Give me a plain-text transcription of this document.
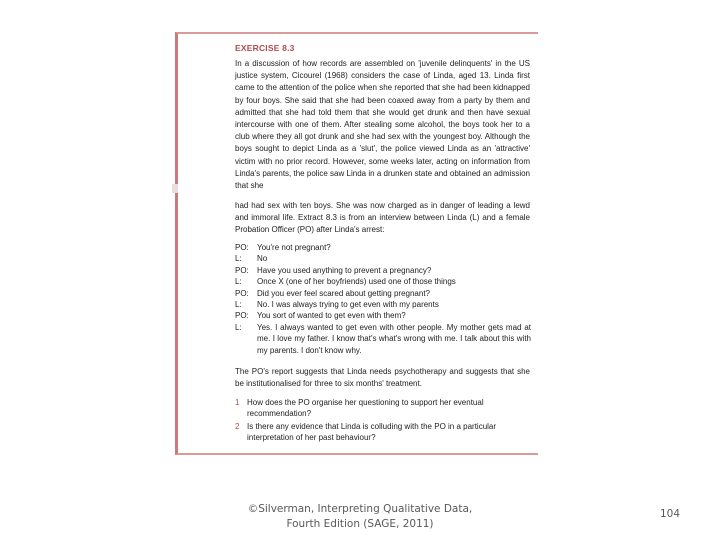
EXERCISE 8.3
In a discussion of how records are assembled on 'juvenile delinquents' in the US justice system, Cicourel (1968) considers the case of Linda, aged 13. Linda first came to the attention of the police when she reported that she had been kidnapped by four boys. She said that she had been coaxed away from a party by them and admitted that she had told them that she would get drunk and then have sexual intercourse with one of them. After stealing some alcohol, the boys took her to a club where they all got drunk and she had sex with the youngest boy. Although the boys sought to depict Linda as a 'slut', the police viewed Linda as an 'attractive' victim with no prior record. However, some weeks later, acting on information from Linda's parents, the police saw Linda in a drunken state and obtained an admission that she
had had sex with ten boys. She was now charged as in danger of leading a lewd and immoral life. Extract 8.3 is from an interview between Linda (L) and a female Probation Officer (PO) after Linda's arrest:
PO:	You're not pregnant?
L:	No
PO:	Have you used anything to prevent a pregnancy?
L:	Once X (one of her boyfriends) used one of those things
PO:	Did you ever feel scared about getting pregnant?
L:	No. I was always trying to get even with my parents
PO:	You sort of wanted to get even with them?
L:	Yes. I always wanted to get even with other people. My mother gets mad at me. I love my father. I know that's what's wrong with me. I talk about this with my parents. I don't know why.
The PO's report suggests that Linda needs psychotherapy and suggests that she be institutionalised for three to six months' treatment.
1 How does the PO organise her questioning to support her eventual recommendation?
2 Is there any evidence that Linda is colluding with the PO in a particular interpretation of her past behaviour?
©Silverman, Interpreting Qualitative Data,
Fourth Edition (SAGE, 2011)
104
